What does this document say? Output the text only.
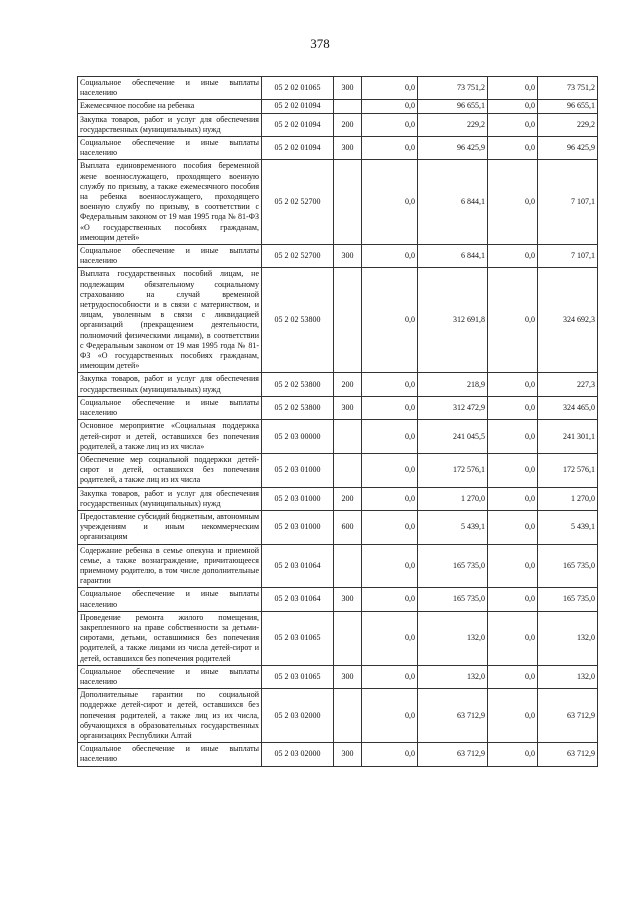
378
Социальное обеспечение и иные выплаты населению	05 2 02 01065	300	0,0	73 751,2	0,0	73 751,2
Ежемесячное пособие на ребенка	05 2 02 01094		0,0	96 655,1	0,0	96 655,1
Закупка товаров, работ и услуг для обеспечения государственных (муниципальных) нужд	05 2 02 01094	200	0,0	229,2	0,0	229,2
Социальное обеспечение и иные выплаты населению	05 2 02 01094	300	0,0	96 425,9	0,0	96 425,9
Выплата единовременного пособия беременной жене военнослужащего, проходящего военную службу по призыву, а также ежемесячного пособия на ребенка военнослужащего, проходящего военную службу по призыву, в соответствии с Федеральным законом от 19 мая 1995 года № 81-ФЗ «О государственных пособиях гражданам, имеющим детей»	05 2 02 52700		0,0	6 844,1	0,0	7 107,1
Социальное обеспечение и иные выплаты населению	05 2 02 52700	300	0,0	6 844,1	0,0	7 107,1
Выплата государственных пособий лицам, не подлежащим обязательному социальному страхованию на случай временной нетрудоспособности и в связи с материнством, и лицам, уволенным в связи с ликвидацией организаций (прекращением деятельности, полномочий физическими лицами), в соответствии с Федеральным законом от 19 мая 1995 года № 81-ФЗ «О государственных пособиях гражданам, имеющим детей»	05 2 02 53800		0,0	312 691,8	0,0	324 692,3
Закупка товаров, работ и услуг для обеспечения государственных (муниципальных) нужд	05 2 02 53800	200	0,0	218,9	0,0	227,3
Социальное обеспечение и иные выплаты населению	05 2 02 53800	300	0,0	312 472,9	0,0	324 465,0
Основное мероприятие «Социальная поддержка детей-сирот и детей, оставшихся без попечения родителей, а также лиц из их числа»	05 2 03 00000		0,0	241 045,5	0,0	241 301,1
Обеспечение мер социальной поддержки детей-сирот и детей, оставшихся без попечения родителей, а также лиц из их числа	05 2 03 01000		0,0	172 576,1	0,0	172 576,1
Закупка товаров, работ и услуг для обеспечения государственных (муниципальных) нужд	05 2 03 01000	200	0,0	1 270,0	0,0	1 270,0
Предоставление субсидий бюджетным, автономным учреждениям и иным некоммерческим организациям	05 2 03 01000	600	0,0	5 439,1	0,0	5 439,1
Содержание ребенка в семье опекуна и приемной семье, а также вознаграждение, причитающееся приемному родителю, в том числе дополнительные гарантии	05 2 03 01064		0,0	165 735,0	0,0	165 735,0
Социальное обеспечение и иные выплаты населению	05 2 03 01064	300	0,0	165 735,0	0,0	165 735,0
Проведение ремонта жилого помещения, закрепленного на праве собственности за детьми-сиротами, детьми, оставшимися без попечения родителей, а также лицами из числа детей-сирот и детей, оставшихся без попечения родителей	05 2 03 01065		0,0	132,0	0,0	132,0
Социальное обеспечение и иные выплаты населению	05 2 03 01065	300	0,0	132,0	0,0	132,0
Дополнительные гарантии по социальной поддержке детей-сирот и детей, оставшихся без попечения родителей, а также лиц из их числа, обучающихся в образовательных государственных организациях Республики Алтай	05 2 03 02000		0,0	63 712,9	0,0	63 712,9
Социальное обеспечение и иные выплаты населению	05 2 03 02000	300	0,0	63 712,9	0,0	63 712,9
